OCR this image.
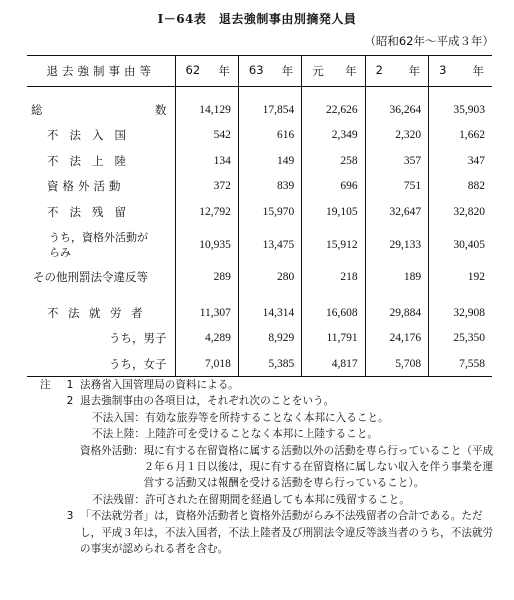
Ⅰ－64表　退去強制事由別摘発人員
（昭和62年～平成３年）
退去強制事由等	62 年	63 年	元 年	2 年	3 年

総 数	14,129	17,854	22,626	36,264	35,903
不法入国	542	616	2,349	2,320	1,662
不法上陸	134	149	258	357	347
資格外活動	372	839	696	751	882
不法残留	12,792	15,970	19,105	32,647	32,820

うち，資格外活動が
らみ	10,935	13,475	15,912	29,133	30,405
その他刑罰法令違反等	289	280	218	189	192

不法就労者	11,307	14,314	16,608	29,884	32,908
うち，男子	4,289	8,929	11,791	24,176	25,350
うち，女子	7,018	5,385	4,817	5,708	7,558
注	1 法務省入国管理局の資料による。
2 退去強制事由の各項目は，それぞれ次のことをいう。
不法入国： 有効な旅券等を所持することなく本邦に入ること。
不法上陸： 上陸許可を受けることなく本邦に上陸すること。
資格外活動： 現に有する在留資格に属する活動以外の活動を専ら行っていること（平成２年６月１日以後は，現に有する在留資格に属しない収入を伴う事業を運営する活動又は報酬を受ける活動を専ら行っていること）。
不法残留： 許可された在留期間を経過しても本邦に残留すること。
3 「不法就労者」は，資格外活動者と資格外活動がらみ不法残留者の合計である。ただし，平成３年は，不法入国者，不法上陸者及び刑罰法令違反等該当者のうち，不法就労の事実が認められる者を含む。
